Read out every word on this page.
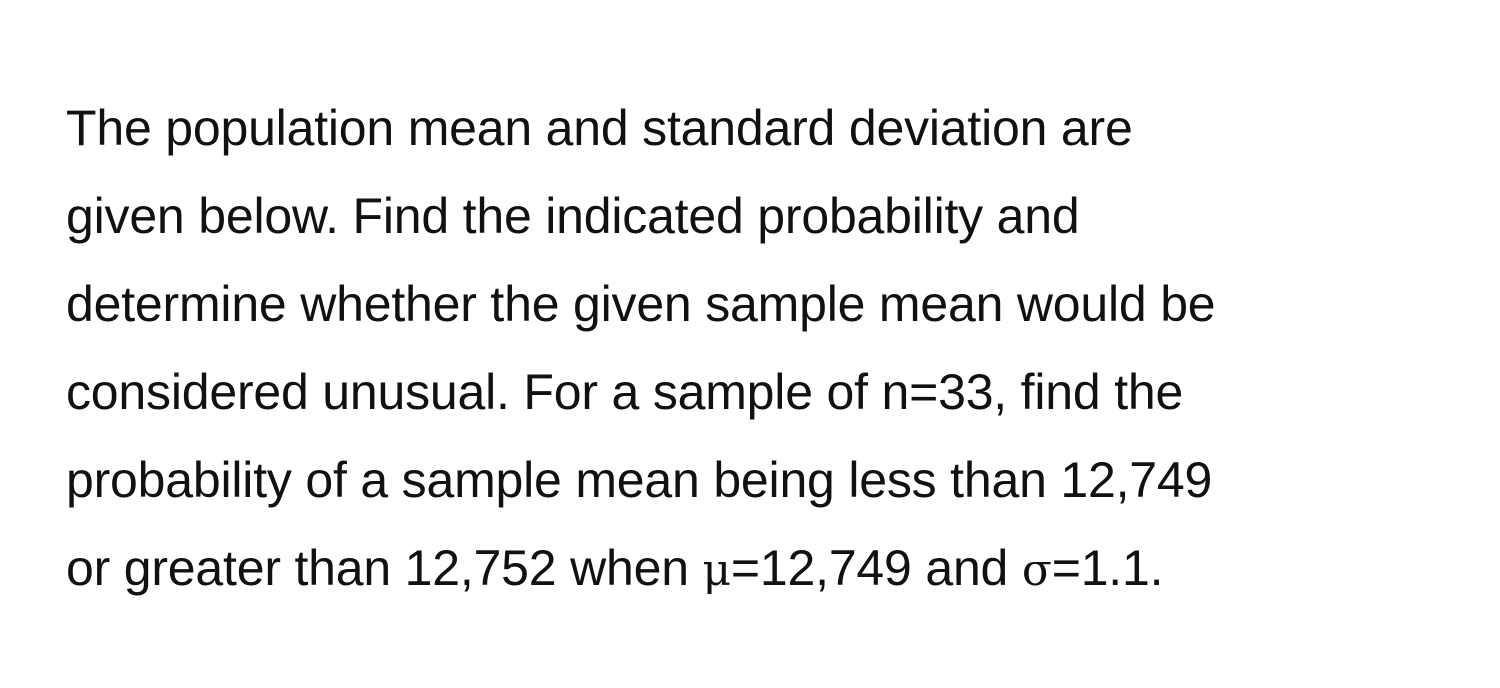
The population mean and standard deviation are
given below. Find the indicated probability and
determine whether the given sample mean would be
considered unusual. For a sample of n=33, find the
probability of a sample mean being less than 12,749
or greater than 12,752 when μ=12,749 and σ=1.1.
